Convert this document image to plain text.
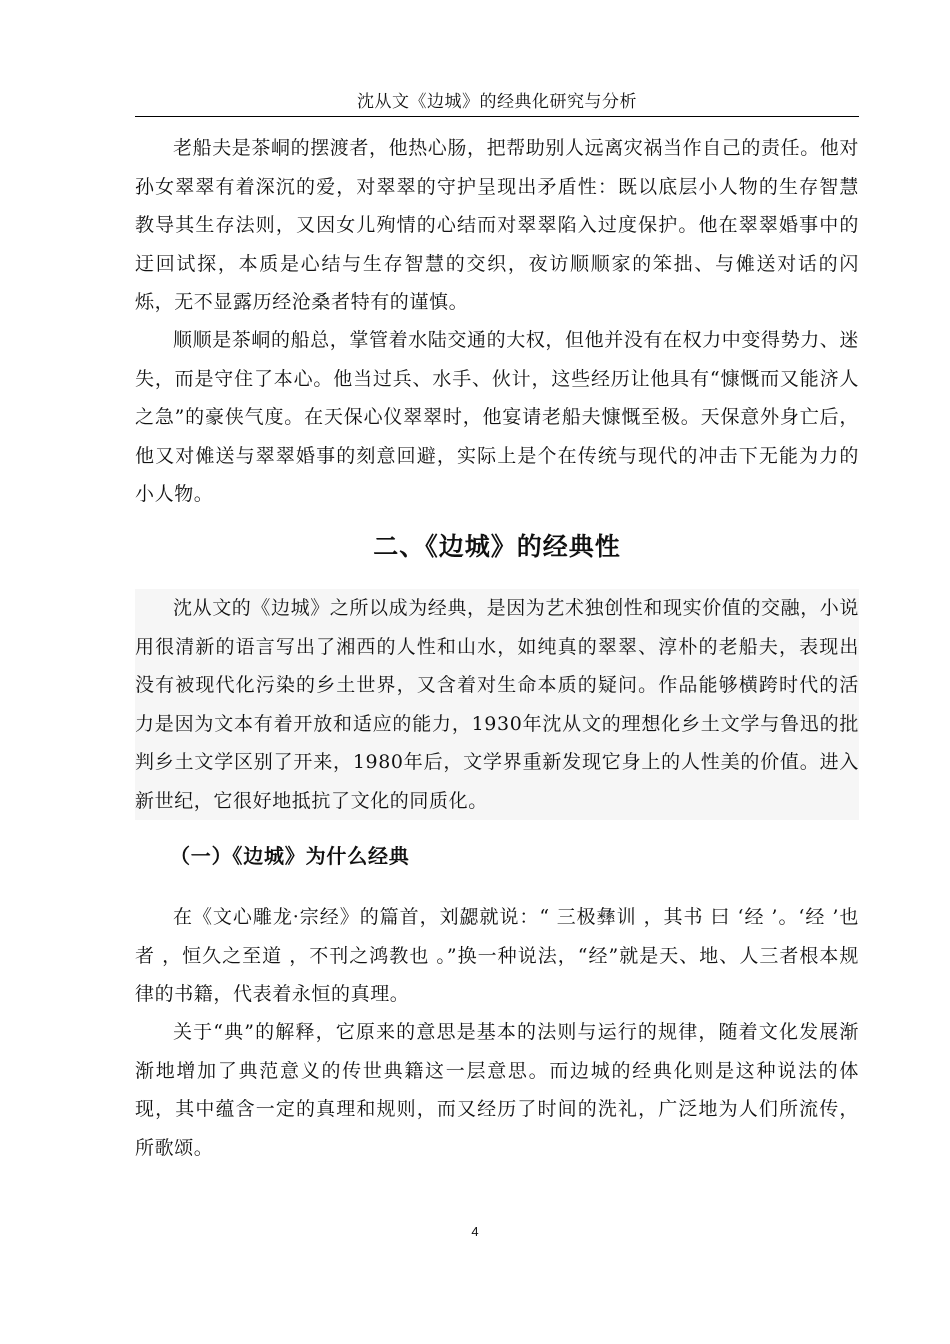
沈从文《边城》的经典化研究与分析

老船夫是茶峒的摆渡者，他热心肠，把帮助别人远离灾祸当作自己的责任。他对孙女翠翠有着深沉的爱，对翠翠的守护呈现出矛盾性：既以底层小人物的生存智慧教导其生存法则，又因女儿殉情的心结而对翠翠陷入过度保护。他在翠翠婚事中的迂回试探，本质是心结与生存智慧的交织，夜访顺顺家的笨拙、与傩送对话的闪烁，无不显露历经沧桑者特有的谨慎。

顺顺是茶峒的船总，掌管着水陆交通的大权，但他并没有在权力中变得势力、迷失，而是守住了本心。他当过兵、水手、伙计，这些经历让他具有“慷慨而又能济人之急”的豪侠气度。在天保心仪翠翠时，他宴请老船夫慷慨至极。天保意外身亡后，他又对傩送与翠翠婚事的刻意回避，实际上是个在传统与现代的冲击下无能为力的小人物。

二、《边城》的经典性

沈从文的《边城》之所以成为经典，是因为艺术独创性和现实价值的交融，小说用很清新的语言写出了湘西的人性和山水，如纯真的翠翠、淳朴的老船夫，表现出没有被现代化污染的乡土世界，又含着对生命本质的疑问。作品能够横跨时代的活力是因为文本有着开放和适应的能力，1930年沈从文的理想化乡土文学与鲁迅的批判乡土文学区别了开来，1980年后，文学界重新发现它身上的人性美的价值。进入新世纪，它很好地抵抗了文化的同质化。

（一）《边城》为什么经典

在《文心雕龙·宗经》的篇首，刘勰就说：“ 三极彝训 ，其书 曰 ‘经 ’。‘经 ’也者 ，恒久之至道 ，不刊之鸿教也 。”换一种说法，“经”就是天、地、人三者根本规律的书籍，代表着永恒的真理。

关于“典”的解释，它原来的意思是基本的法则与运行的规律，随着文化发展渐渐地增加了典范意义的传世典籍这一层意思。而边城的经典化则是这种说法的体现，其中蕴含一定的真理和规则，而又经历了时间的洗礼，广泛地为人们所流传，所歌颂。

4
